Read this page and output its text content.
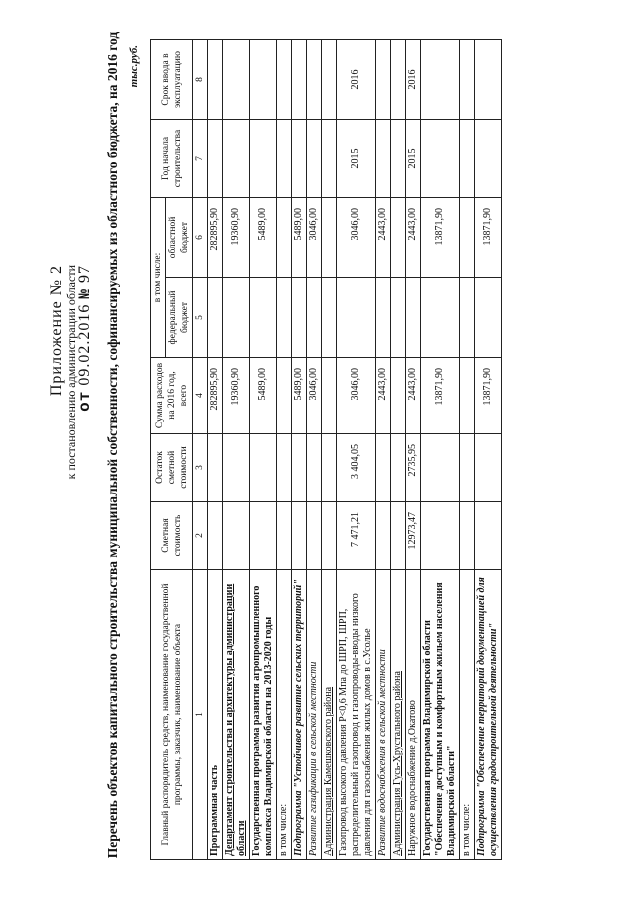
Приложение № 2 к постановлению администрации области
от 09.02.2016 № 97 Перечень объектов капитального строительства муниципальной собственности, софинансируемых из областного бюджета, на 2016 год тыс.руб.
Главный распорядитель средств, наименование государственной программы, заказчик, наименование объекта	Сметная стоимость	Остаток сметной стоимости	Сумма расходов на 2016 год, всего	в том числе:		Год начала строительства	Срок ввода в эксплуатацию
				федеральный бюджет	областной бюджет		
1	2	3	4	5	6	7	8
Программная часть			282895,90		282895,90		
Департамент строительства и архитектуры администрации области			19360,90		19360,90		
Государственная программа развития агропромышленного комплекса Владимирской области на 2013-2020 годы			5489,00		5489,00		
в том числе:							
Подпрограмма "Устойчивое развитие сельских территорий"			5489,00		5489,00		
Развитие газификации в сельской местности			3046,00		3046,00		
Администрация Камешковского района							
Газопровод высокого давления Р<0,6 Мпа до ШРП, ШРП, распределительный газопровод и газопроводы-вводы низкого давления для газоснабжения жилых домов в с.Усолье	7 471,21	3 404,05	3046,00		3046,00	2015	2016
Развитие водоснабжения в сельской местности			2443,00		2443,00		
Администрация Гусь-Хрустального района							
Наружное водоснабжение д.Окатово	12973,47	2735,95	2443,00		2443,00	2015	2016
Государственная программа Владимирской области "Обеспечение доступным и комфортным жильем населения Владимирской области"			13871,90		13871,90		
в том числе:							
Подпрограмма "Обеспечение территорий документацией для осуществления градостроительной деятельности"			13871,90		13871,90		
